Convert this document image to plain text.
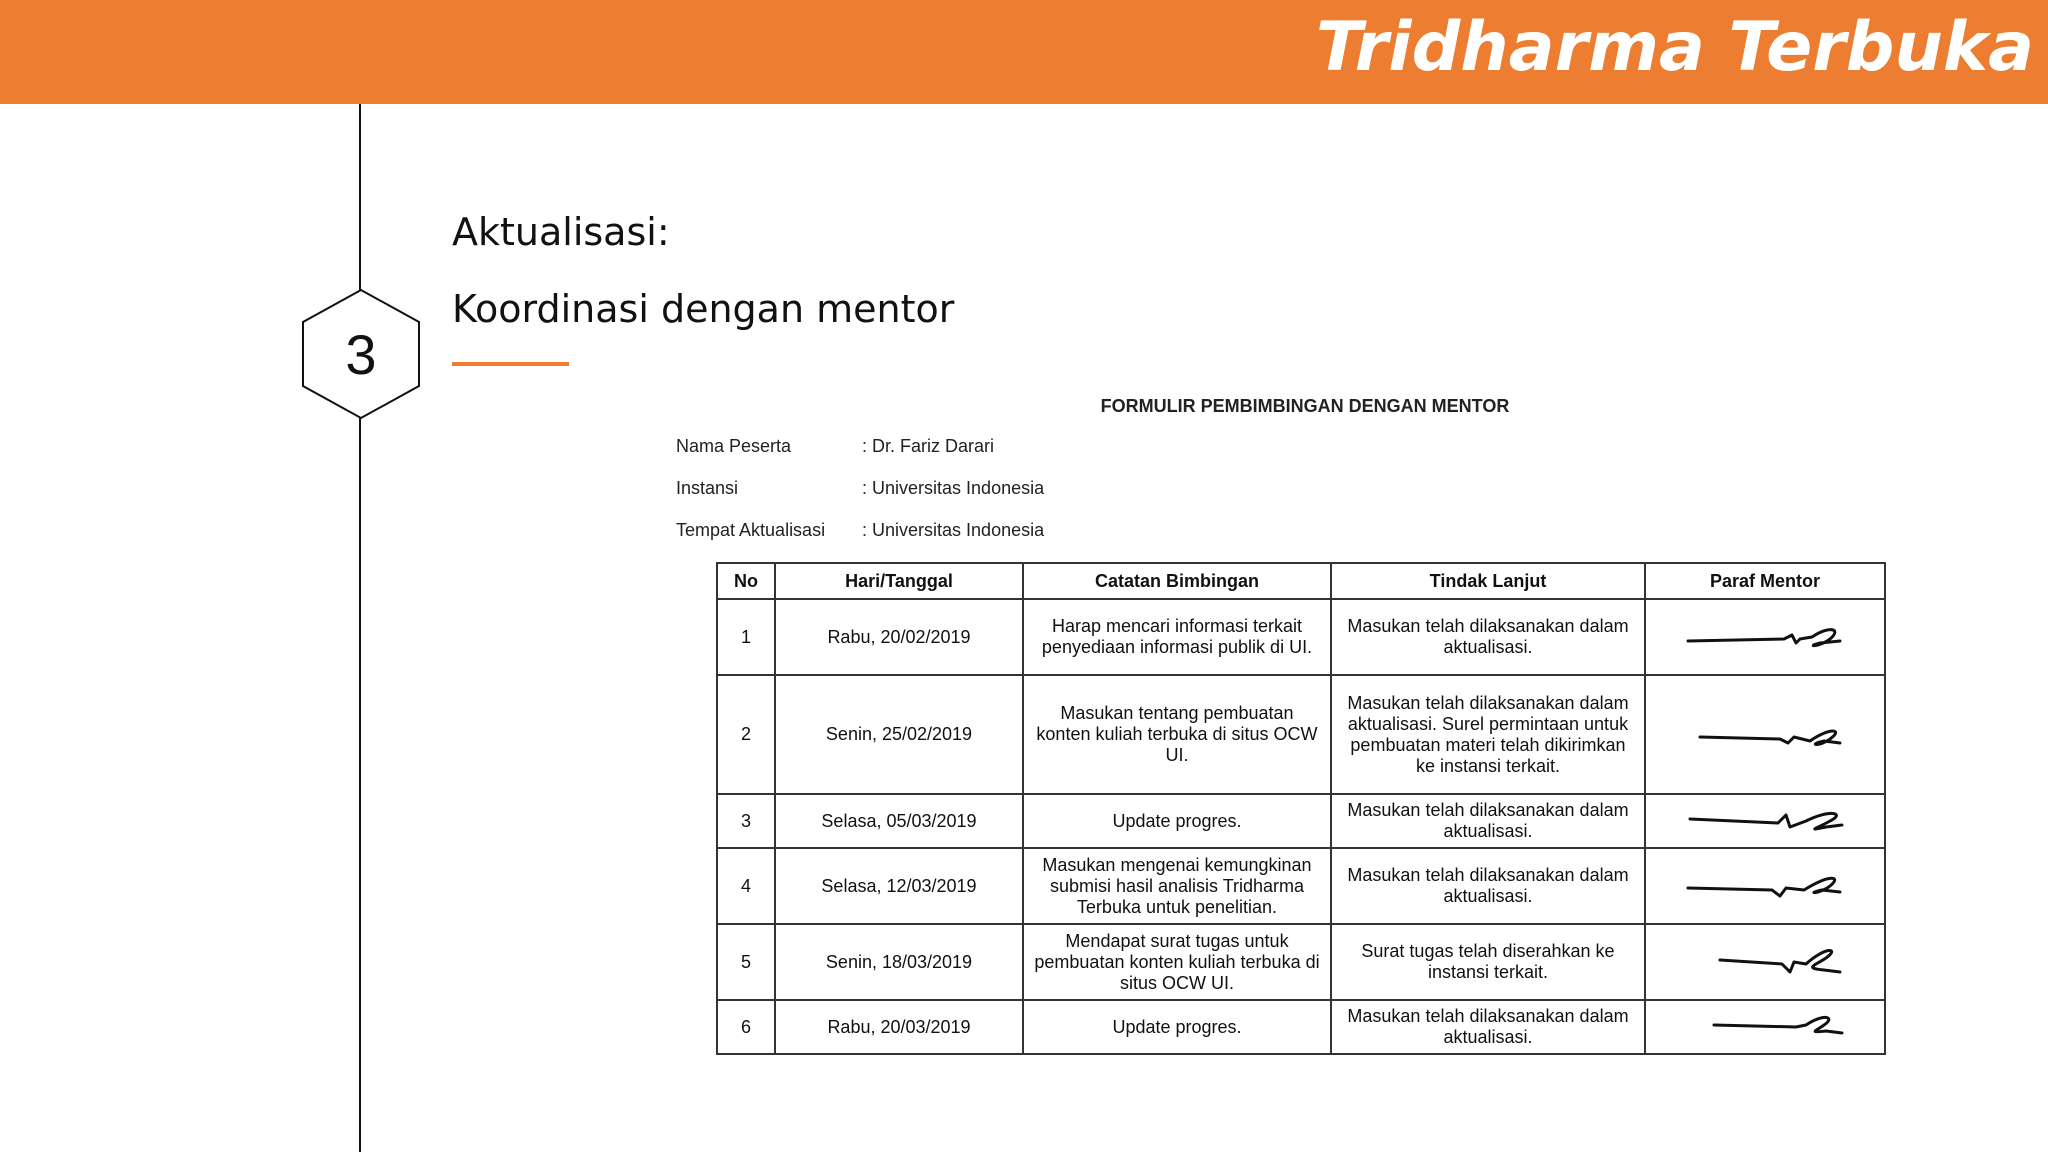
Tridharma Terbuka
3
Aktualisasi:
Koordinasi dengan mentor
FORMULIR PEMBIMBINGAN DENGAN MENTOR
Nama Peserta	: Dr. Fariz Darari
Instansi	: Universitas Indonesia
Tempat Aktualisasi	: Universitas Indonesia
No	Hari/Tanggal	Catatan Bimbingan	Tindak Lanjut	Paraf Mentor
1	Rabu, 20/02/2019	Harap mencari informasi terkait penyediaan informasi publik di UI.	Masukan telah dilaksanakan dalam aktualisasi.	

2	Senin, 25/02/2019	Masukan tentang pembuatan konten kuliah terbuka di situs OCW UI.	Masukan telah dilaksanakan dalam aktualisasi. Surel permintaan untuk pembuatan materi telah dikirimkan ke instansi terkait.	

3	Selasa, 05/03/2019	Update progres.	Masukan telah dilaksanakan dalam aktualisasi.	

4	Selasa, 12/03/2019	Masukan mengenai kemungkinan submisi hasil analisis Tridharma Terbuka untuk penelitian.	Masukan telah dilaksanakan dalam aktualisasi.	

5	Senin, 18/03/2019	Mendapat surat tugas untuk pembuatan konten kuliah terbuka di situs OCW UI.	Surat tugas telah diserahkan ke instansi terkait.	

6	Rabu, 20/03/2019	Update progres.	Masukan telah dilaksanakan dalam aktualisasi.	
